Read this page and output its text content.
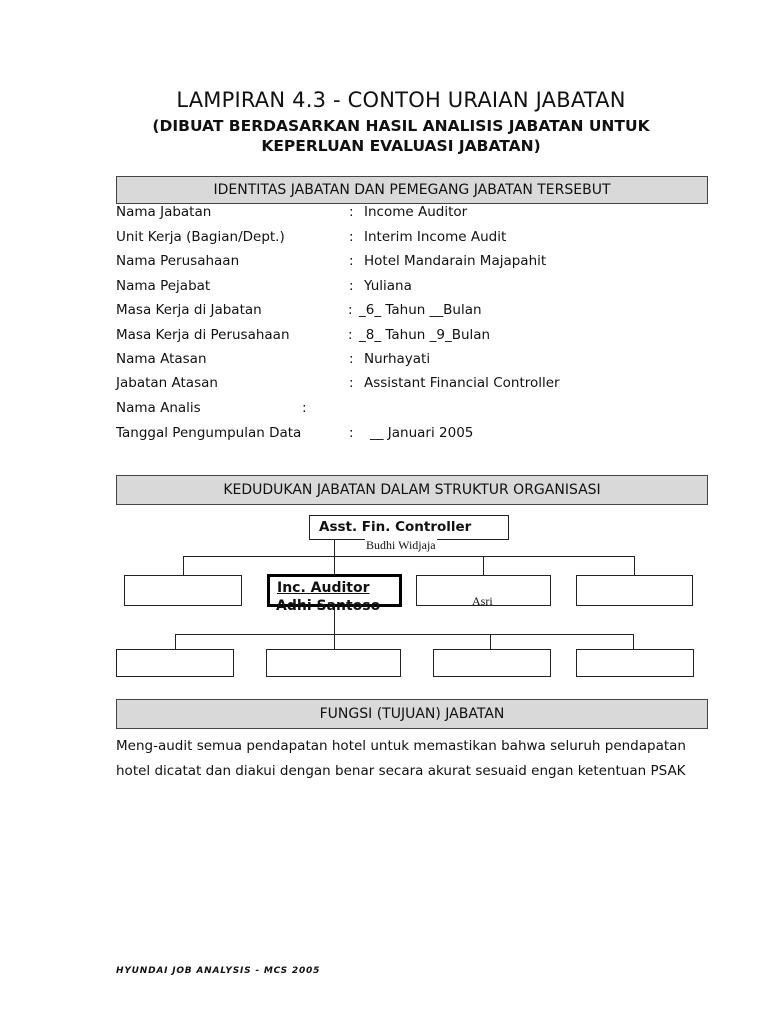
LAMPIRAN 4.3 - CONTOH URAIAN JABATAN
(DIBUAT BERDASARKAN HASIL ANALISIS JABATAN UNTUK
KEPERLUAN EVALUASI JABATAN)
IDENTITAS JABATAN DAN PEMEGANG JABATAN TERSEBUT
Nama Jabatan	: Income Auditor
Unit Kerja (Bagian/Dept.)	: Interim Income Audit
Nama Perusahaan	: Hotel Mandarain Majapahit
Nama Pejabat	: Yuliana
Masa Kerja di Jabatan	: _6_ Tahun __Bulan
Masa Kerja di Perusahaan	: _8_ Tahun _9_Bulan
Nama Atasan	: Nurhayati
Jabatan Atasan	: Assistant Financial Controller
Nama Analis	:
Tanggal Pengumpulan Data	: __ Januari 2005
KEDUDUKAN JABATAN DALAM STRUKTUR ORGANISASI
Asst. Fin. Controller
Budhi Widjaja
Inc. Auditor
Adhi Santoso	Asri
FUNGSI (TUJUAN) JABATAN
Meng-audit semua pendapatan hotel untuk memastikan bahwa seluruh pendapatan hotel dicatat dan diakui dengan benar secara akurat sesuaid engan ketentuan PSAK
HYUNDAI JOB ANALYSIS - MCS 2005
